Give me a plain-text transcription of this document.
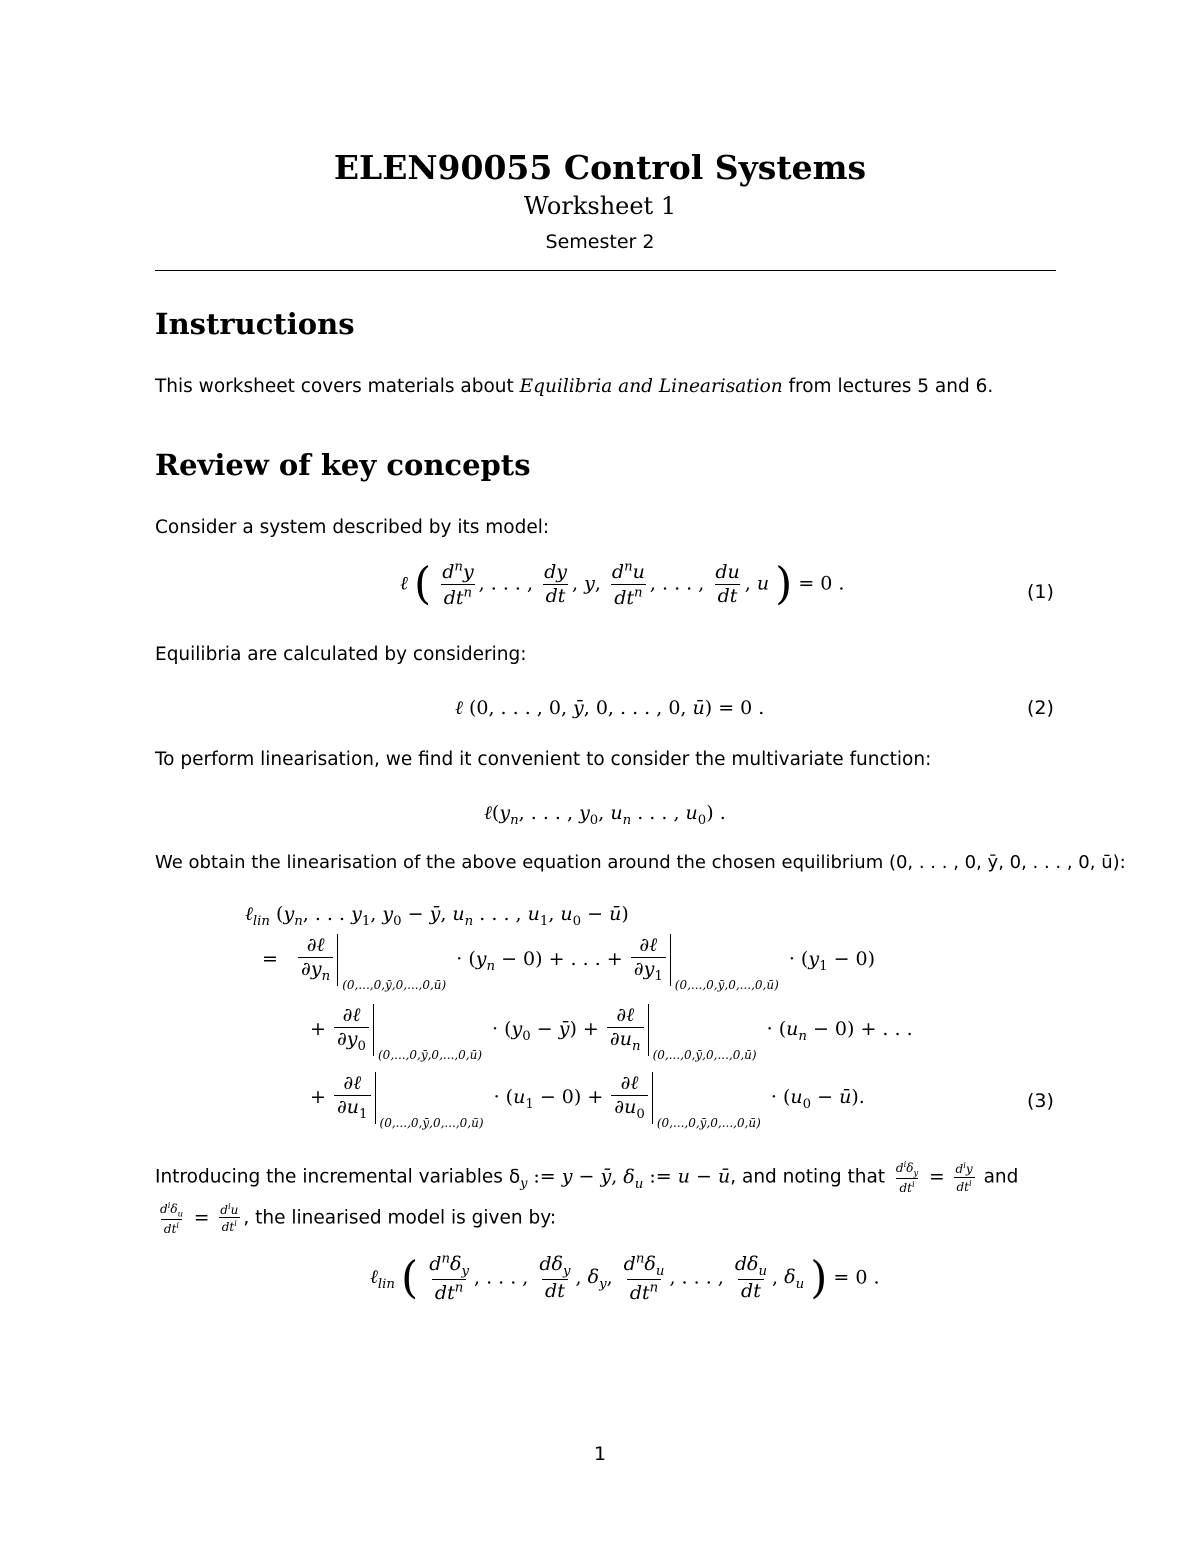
ELEN90055 Control Systems
Worksheet 1
Semester 2
Instructions
This worksheet covers materials about Equilibria and Linearisation from lectures 5 and 6.
Review of key concepts
Consider a system described by its model:
ℓ ( $\frac{d^ny}{dt^n}$ , . . . , $\frac{dy}{dt}$ , y, $\frac{d^nu}{dt^n}$ , . . . , $\frac{du}{dt}$ , u ) = 0 .	(1)
Equilibria are calculated by considering:
ℓ (0, . . . , 0, ȳ, 0, . . . , 0, ū) = 0 .	(2)
To perform linearisation, we find it convenient to consider the multivariate function:
$\ell(y_n$, . . . , $y_0$, $u_n$ . . . , $u_0$) .
We obtain the linearisation of the above equation around the chosen equilibrium (0, . . . , 0, ȳ, 0, . . . , 0, ū):
ℓ$_{lin}$ ($y_n$, . . . $y_1$, $y_0$ − ȳ, $u_n$ . . . , $u_1$, $u_0$ − ū)
= $\frac{\text{∂ℓ}}{\partial y_n}$
(0,...,0,ȳ,0,...,0,ū)
· $(y_n - 0)$ + . . . + $\frac{\text{∂ℓ}}{\partial y_1}$
(0,...,0,ȳ,0,...,0,ū)
· $(y_1 - 0)$
+ $\frac{\text{∂ℓ}}{\partial y_0}$
(0,...,0,ȳ,0,...,0,ū)
· ($y_0$ − ȳ) + $\frac{\text{∂ℓ}}{\partial u_n}$
(0,...,0,ȳ,0,...,0,ū)
· $(u_n - 0)$ + . . .
+ $\frac{\text{∂ℓ}}{\partial u_1}$
(0,...,0,ȳ,0,...,0,ū)
· $(u_1 - 0) + \frac{\text{∂ℓ}}{\partial u_0}$
(0,...,0,ȳ,0,...,0,ū)
· ($u_0$ − ū).	(3)
Introducing the incremental variables $\delta_y$ := y − ȳ, $\delta_u$ := u − ū, and noting that $\frac{d^i\delta_y}{dt^i} = \frac{d^iy}{dt^i}$ and
$\frac{d^i\delta_u}{dt^i} = \frac{d^iu}{dt^i}$ , the linearised model is given by:
ℓ$_{lin}$ ( $\frac{d^n\delta_y}{dt^n}$ , . . . , $\frac{d\delta_y}{dt}$ , $\delta_y$, $\frac{d^n\delta_u}{dt^n}$ , . . . , $\frac{d\delta_u}{dt}$ , $\delta_u$ ) = 0 .
1
